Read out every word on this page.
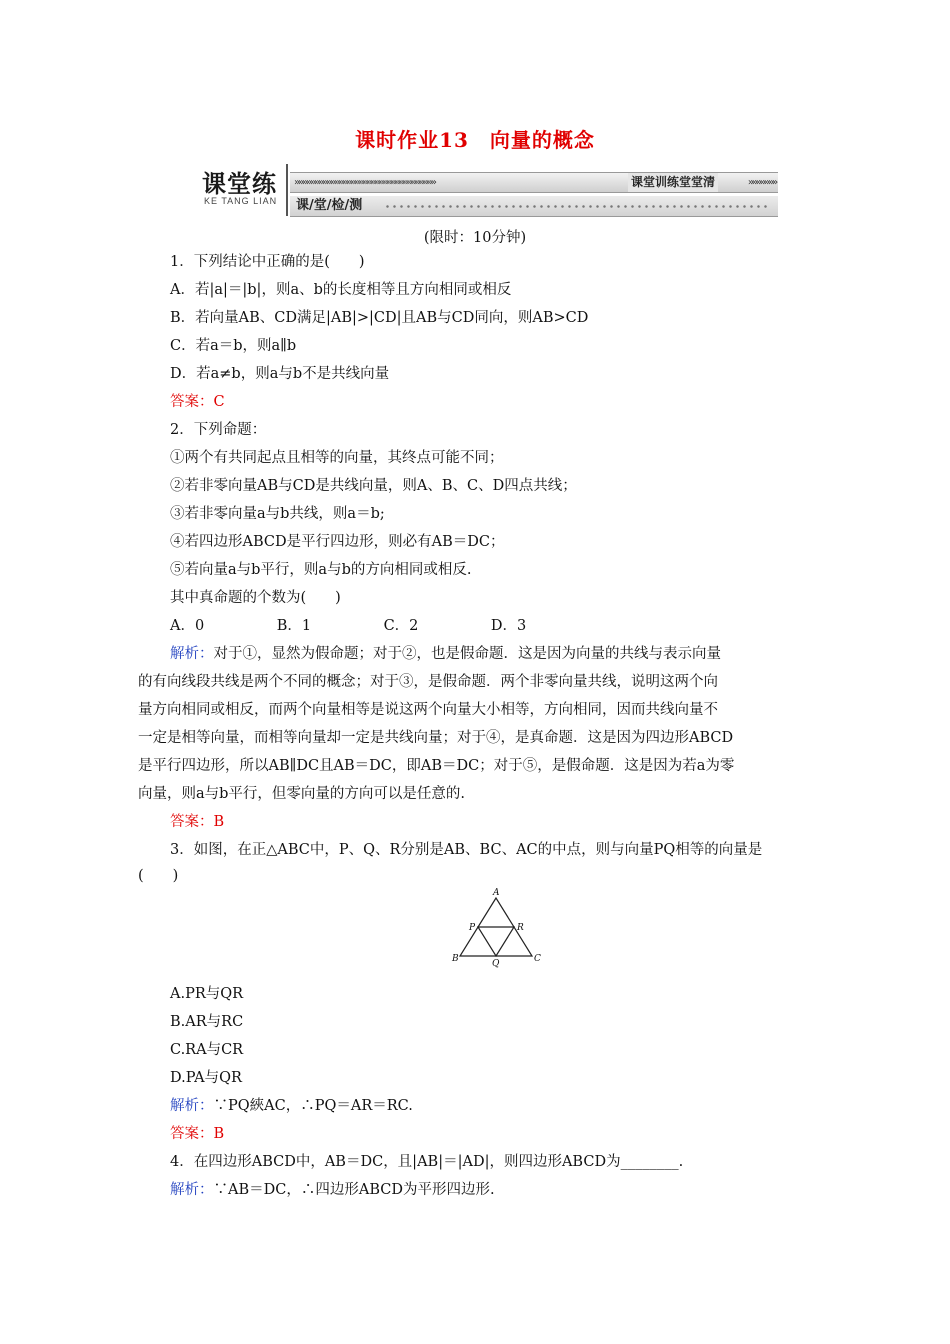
课时作业13　向量的概念
课堂练
KE TANG LIAN
»»»»»»»»»»»»»»»»»»»»»»»»»»»»»»»»»»»	课堂训练堂堂清	»»»»»»»
课/堂/检/测
(限时：10分钟)
1．下列结论中正确的是(　　)
A．若|a|＝|b|，则a、b的长度相等且方向相同或相反
B．若向量AB、CD满足|AB|>|CD|且AB与CD同向，则AB>CD
C．若a＝b，则a∥b
D．若a≠b，则a与b不是共线向量
答案：C
2．下列命题：
①两个有共同起点且相等的向量，其终点可能不同；
②若非零向量AB与CD是共线向量，则A、B、C、D四点共线；
③若非零向量a与b共线，则a＝b;
④若四边形ABCD是平行四边形，则必有AB＝DC；
⑤若向量a与b平行，则a与b的方向相同或相反.
其中真命题的个数为(　　)
A．0　　　　　B．1　　　　　C．2　　　　　D．3
解析：对于①，显然为假命题；对于②，也是假命题．这是因为向量的共线与表示向量
的有向线段共线是两个不同的概念；对于③，是假命题．两个非零向量共线，说明这两个向
量方向相同或相反，而两个向量相等是说这两个向量大小相等，方向相同，因而共线向量不
一定是相等向量，而相等向量却一定是共线向量；对于④，是真命题．这是因为四边形ABCD
是平行四边形，所以AB∥DC且AB＝DC，即AB＝DC；对于⑤，是假命题．这是因为若a为零
向量，则a与b平行，但零向量的方向可以是任意的.
答案：B
3．如图，在正△ABC中，P、Q、R分别是AB、BC、AC的中点，则与向量PQ相等的向量是
(　　)
A.PR与QR
B.AR与RC
C.RA与CR
D.PA与QR
解析：∵PQ綊AC，∴PQ＝AR＝RC.
答案：B
4．在四边形ABCD中，AB＝DC，且|AB|＝|AD|，则四边形ABCD为________.
解析：∵AB＝DC，∴四边形ABCD为平形四边形.
A
B	C
P
Q
R
